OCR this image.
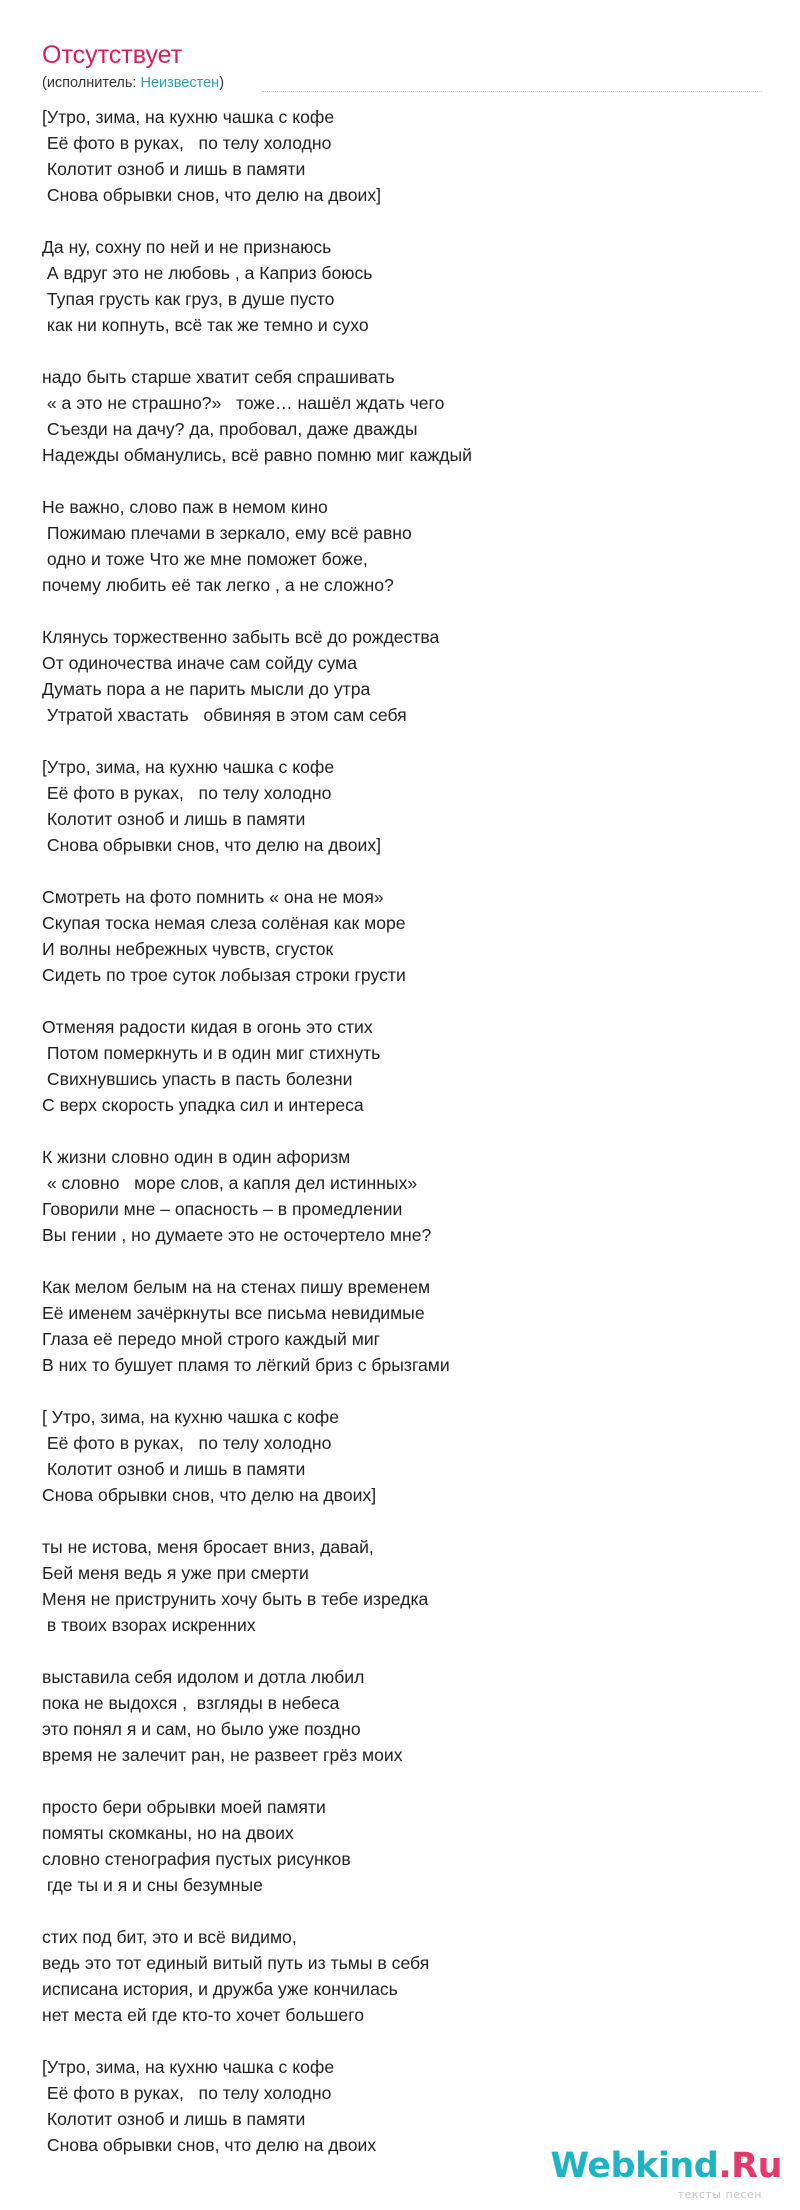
Отсутствует
(исполнитель: Неизвестен)
[Утро, зима, на кухню чашка с кофе
Её фото в руках,   по телу холодно
Колотит озноб и лишь в памяти
Снова обрывки снов, что делю на двоих]
Да ну, сохну по ней и не признаюсь
А вдруг это не любовь , а Каприз боюсь
Тупая грусть как груз, в душе пусто
как ни копнуть, всё так же темно и сухо
надо быть старше хватит себя спрашивать
« а это не страшно?»   тоже… нашёл ждать чего
Съезди на дачу? да, пробовал, даже дважды
Надежды обманулись, всё равно помню миг каждый
Не важно, слово паж в немом кино
Пожимаю плечами в зеркало, ему всё равно
одно и тоже Что же мне поможет боже,
почему любить её так легко , а не сложно?
Клянусь торжественно забыть всё до рождества
От одиночества иначе сам сойду сума
Думать пора а не парить мысли до утра
Утратой хвастать   обвиняя в этом сам себя
[Утро, зима, на кухню чашка с кофе
Её фото в руках,   по телу холодно
Колотит озноб и лишь в памяти
Снова обрывки снов, что делю на двоих]
Смотреть на фото помнить « она не моя»
Скупая тоска немая слеза солёная как море
И волны небрежных чувств, сгусток
Сидеть по трое суток лобызая строки грусти
Отменяя радости кидая в огонь это стих
Потом померкнуть и в один миг стихнуть
Свихнувшись упасть в пасть болезни
С верх скорость упадка сил и интереса
К жизни словно один в один афоризм
« словно   море слов, а капля дел истинных»
Говорили мне – опасность – в промедлении
Вы гении , но думаете это не осточертело мне?
Как мелом белым на на стенах пишу временем
Её именем зачёркнуты все письма невидимые
Глаза её передо мной строго каждый миг
В них то бушует пламя то лёгкий бриз с брызгами
[ Утро, зима, на кухню чашка с кофе
Её фото в руках,   по телу холодно
Колотит озноб и лишь в памяти
Снова обрывки снов, что делю на двоих]
ты не истова, меня бросает вниз, давай,
Бей меня ведь я уже при смерти
Меня не приструнить хочу быть в тебе изредка
в твоих взорах искренних
выставила себя идолом и дотла любил
пока не выдохся ,  взгляды в небеса
это понял я и сам, но было уже поздно
время не залечит ран, не развеет грёз моих
просто бери обрывки моей памяти
помяты скомканы, но на двоих
словно стенография пустых рисунков
где ты и я и сны безумные
стих под бит, это и всё видимо,
ведь это тот единый витый путь из тьмы в себя
исписана история, и дружба уже кончилась
нет места ей где кто-то хочет большего
[Утро, зима, на кухню чашка с кофе
Её фото в руках,   по телу холодно
Колотит озноб и лишь в памяти
Снова обрывки снов, что делю на двоих
Webkind.Ru
тексты песен
